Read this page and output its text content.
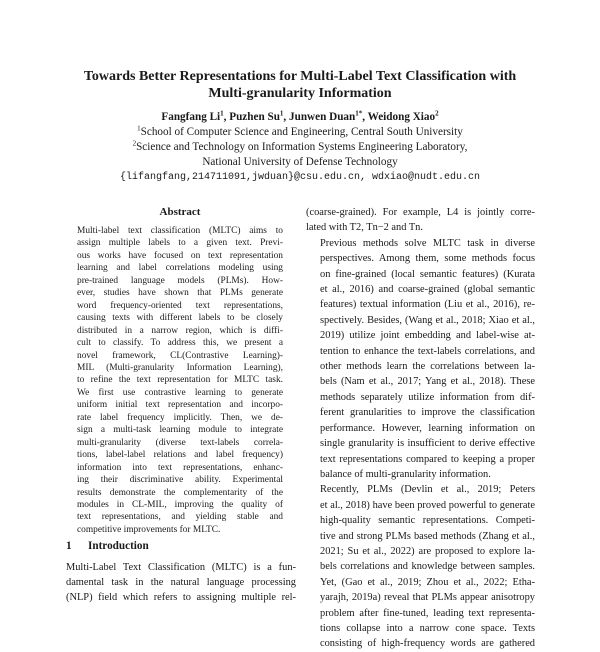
Towards Better Representations for Multi-Label Text Classification with
Multi-granularity Information
Fangfang Li$^1$, Puzhen Su$^1$, Junwen Duan$^{1*}$, Weidong Xiao$^2$
$^1$School of Computer Science and Engineering, Central South University
$^2$Science and Technology on Information Systems Engineering Laboratory,
National University of Defense Technology
{lifangfang,214711091,jwduan}@csu.edu.cn, wdxiao@nudt.edu.cn
Abstract
Multi-label text classification (MLTC) aims to
assign multiple labels to a given text. Previ-
ous works have focused on text representation
learning and label correlations modeling using
pre-trained language models (PLMs). How-
ever, studies have shown that PLMs generate
word frequency-oriented text representations,
causing texts with different labels to be closely
distributed in a narrow region, which is diffi-
cult to classify. To address this, we present a
novel framework, CL(Contrastive Learning)-
MIL (Multi-granularity Information Learning),
to refine the text representation for MLTC task.
We first use contrastive learning to generate
uniform initial text representation and incorpo-
rate label frequency implicitly. Then, we de-
sign a multi-task learning module to integrate
multi-granularity (diverse text-labels correla-
tions, label-label relations and label frequency)
information into text representations, enhanc-
ing their discriminative ability. Experimental
results demonstrate the complementarity of the
modules in CL-MIL, improving the quality of
text representations, and yielding stable and
competitive improvements for MLTC.
1 Introduction
Multi-Label Text Classification (MLTC) is a fun-
damental task in the natural language processing
(NLP) field which refers to assigning multiple rel-

(coarse-grained). For example, L4 is jointly corre-
lated with T2, Tn−2 and Tn.

Previous methods solve MLTC task in diverse
perspectives. Among them, some methods focus
on fine-grained (local semantic features) (Kurata
et al., 2016) and coarse-grained (global semantic
features) textual information (Liu et al., 2016), re-
spectively. Besides, (Wang et al., 2018; Xiao et al.,
2019) utilize joint embedding and label-wise at-
tention to enhance the text-labels correlations, and
other methods learn the correlations between la-
bels (Nam et al., 2017; Yang et al., 2018). These
methods separately utilize information from dif-
ferent granularities to improve the classification
performance. However, learning information on
single granularity is insufficient to derive effective
text representations compared to keeping a proper
balance of multi-granularity information.

Recently, PLMs (Devlin et al., 2019; Peters
et al., 2018) have been proved powerful to generate
high-quality semantic representations. Competi-
tive and strong PLMs based methods (Zhang et al.,
2021; Su et al., 2022) are proposed to explore la-
bels correlations and knowledge between samples.
Yet, (Gao et al., 2019; Zhou et al., 2022; Etha-
yarajh, 2019a) reveal that PLMs appear anisotropy
problem after fine-tuned, leading text representa-
tions collapse into a narrow cone space. Texts
consisting of high-frequency words are gathered
